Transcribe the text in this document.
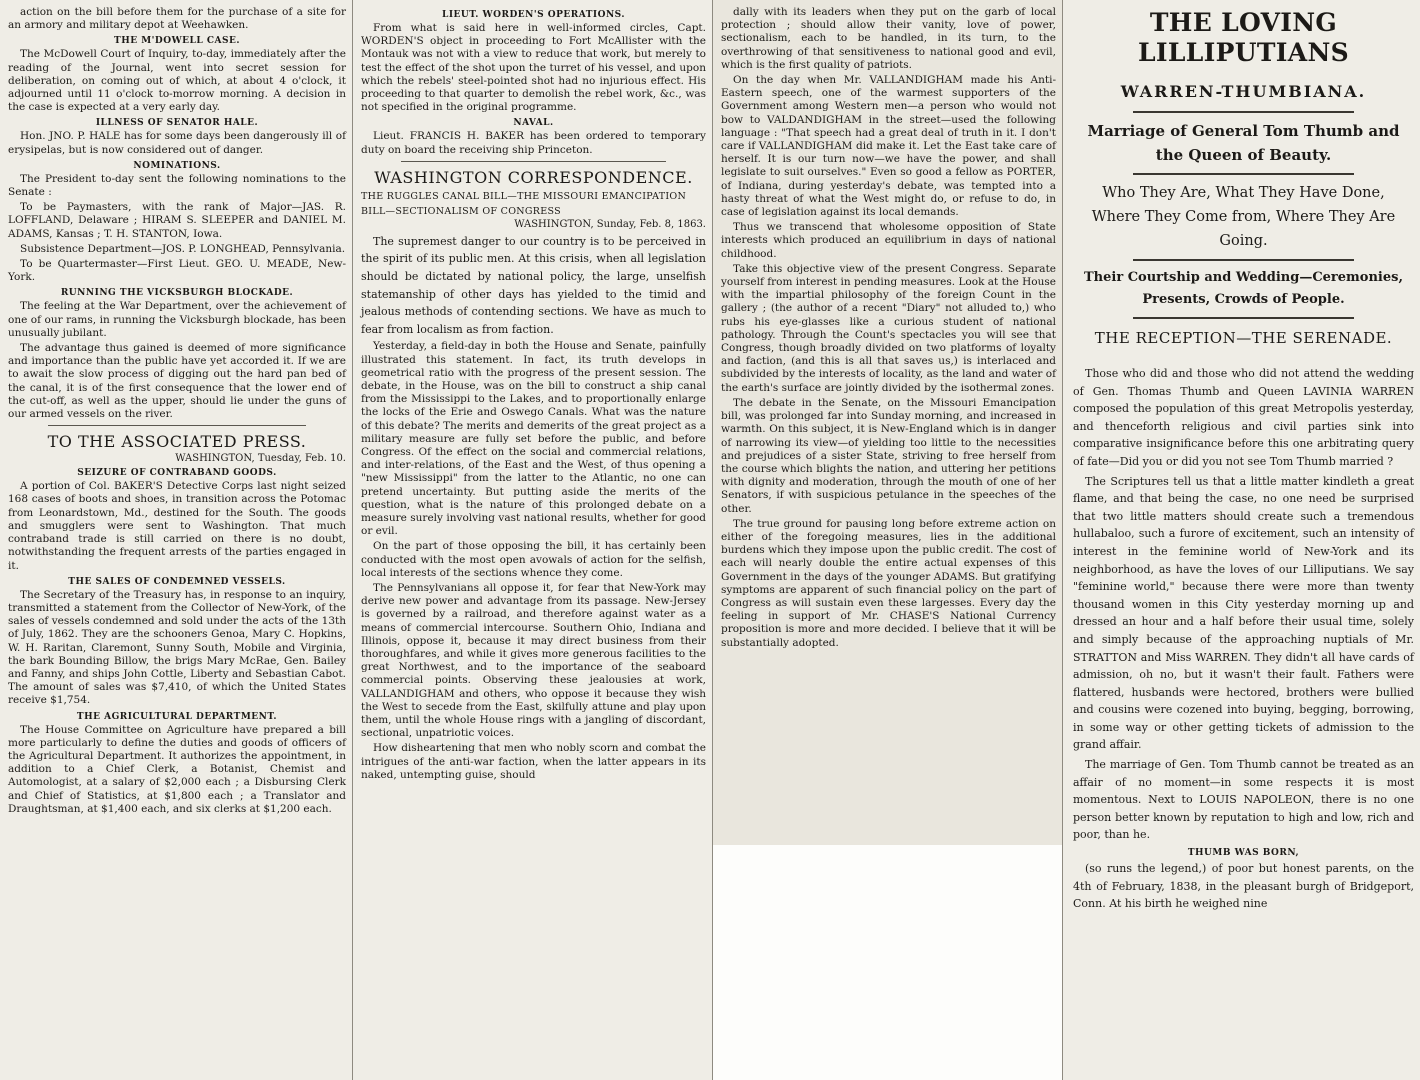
action on the bill before them for the purchase of a site for an armory and military depot at Weehawken.

THE M'DOWELL CASE.

The McDowell Court of Inquiry, to-day, immediately after the reading of the Journal, went into secret session for deliberation, on coming out of which, at about 4 o'clock, it adjourned until 11 o'clock to-morrow morning. A decision in the case is expected at a very early day.

ILLNESS OF SENATOR HALE.

Hon. JNO. P. HALE has for some days been dangerously ill of erysipelas, but is now considered out of danger.

NOMINATIONS.

The President to-day sent the following nominations to the Senate :

To be Paymasters, with the rank of Major—JAS. R. LOFFLAND, Delaware ; HIRAM S. SLEEPER and DANIEL M. ADAMS, Kansas ; T. H. STANTON, Iowa.

Subsistence Department—JOS. P. LONGHEAD, Pennsylvania.

To be Quartermaster—First Lieut. GEO. U. MEADE, New-York.

RUNNING THE VICKSBURGH BLOCKADE.

The feeling at the War Department, over the achievement of one of our rams, in running the Vicksburgh blockade, has been unusually jubilant.

The advantage thus gained is deemed of more significance and importance than the public have yet accorded it. If we are to await the slow process of digging out the hard pan bed of the canal, it is of the first consequence that the lower end of the cut-off, as well as the upper, should lie under the guns of our armed vessels on the river.

TO THE ASSOCIATED PRESS.
WASHINGTON, Tuesday, Feb. 10.
SEIZURE OF CONTRABAND GOODS.

A portion of Col. BAKER'S Detective Corps last night seized 168 cases of boots and shoes, in transition across the Potomac from Leonardstown, Md., destined for the South. The goods and smugglers were sent to Washington. That much contraband trade is still carried on there is no doubt, notwithstanding the frequent arrests of the parties engaged in it.

THE SALES OF CONDEMNED VESSELS.

The Secretary of the Treasury has, in response to an inquiry, transmitted a statement from the Collector of New-York, of the sales of vessels condemned and sold under the acts of the 13th of July, 1862. They are the schooners Genoa, Mary C. Hopkins, W. H. Raritan, Claremont, Sunny South, Mobile and Virginia, the bark Bounding Billow, the brigs Mary McRae, Gen. Bailey and Fanny, and ships John Cottle, Liberty and Sebastian Cabot. The amount of sales was $7,410, of which the United States receive $1,754.

THE AGRICULTURAL DEPARTMENT.

The House Committee on Agriculture have prepared a bill more particularly to define the duties and goods of officers of the Agricultural Department. It authorizes the appointment, in addition to a Chief Clerk, a Botanist, Chemist and Automologist, at a salary of $2,000 each ; a Disbursing Clerk and Chief of Statistics, at $1,800 each ; a Translator and Draughtsman, at $1,400 each, and six clerks at $1,200 each.

LIEUT. WORDEN'S OPERATIONS.

From what is said here in well-informed circles, Capt. WORDEN'S object in proceeding to Fort McAllister with the Montauk was not with a view to reduce that work, but merely to test the effect of the shot upon the turret of his vessel, and upon which the rebels' steel-pointed shot had no injurious effect. His proceeding to that quarter to demolish the rebel work, &c., was not specified in the original programme.

NAVAL.

Lieut. FRANCIS H. BAKER has been ordered to temporary duty on board the receiving ship Princeton.

WASHINGTON CORRESPONDENCE.
THE RUGGLES CANAL BILL—THE MISSOURI EMANCIPATION BILL—SECTIONALISM OF CONGRESS
WASHINGTON, Sunday, Feb. 8, 1863.

The supremest danger to our country is to be perceived in the spirit of its public men. At this crisis, when all legislation should be dictated by national policy, the large, unselfish statemanship of other days has yielded to the timid and jealous methods of contending sections. We have as much to fear from localism as from faction.

Yesterday, a field-day in both the House and Senate, painfully illustrated this statement. In fact, its truth develops in geometrical ratio with the progress of the present session. The debate, in the House, was on the bill to construct a ship canal from the Mississippi to the Lakes, and to proportionally enlarge the locks of the Erie and Oswego Canals. What was the nature of this debate? The merits and demerits of the great project as a military measure are fully set before the public, and before Congress. Of the effect on the social and commercial relations, and inter-relations, of the East and the West, of thus opening a "new Mississippi" from the latter to the Atlantic, no one can pretend uncertainty. But putting aside the merits of the question, what is the nature of this prolonged debate on a measure surely involving vast national results, whether for good or evil.

On the part of those opposing the bill, it has certainly been conducted with the most open avowals of action for the selfish, local interests of the sections whence they come.

The Pennsylvanians all oppose it, for fear that New-York may derive new power and advantage from its passage. New-Jersey is governed by a railroad, and therefore against water as a means of commercial intercourse. Southern Ohio, Indiana and Illinois, oppose it, because it may direct business from their thoroughfares, and while it gives more generous facilities to the great Northwest, and to the importance of the seaboard commercial points. Observing these jealousies at work, VALLANDIGHAM and others, who oppose it because they wish the West to secede from the East, skilfully attune and play upon them, until the whole House rings with a jangling of discordant, sectional, unpatriotic voices.

How disheartening that men who nobly scorn and combat the intrigues of the anti-war faction, when the latter appears in its naked, untempting guise, should

dally with its leaders when they put on the garb of local protection ; should allow their vanity, love of power, sectionalism, each to be handled, in its turn, to the overthrowing of that sensitiveness to national good and evil, which is the first quality of patriots.

On the day when Mr. VALLANDIGHAM made his Anti-Eastern speech, one of the warmest supporters of the Government among Western men—a person who would not bow to VALDANDIGHAM in the street—used the following language : "That speech had a great deal of truth in it. I don't care if VALLANDIGHAM did make it. Let the East take care of herself. It is our turn now—we have the power, and shall legislate to suit ourselves." Even so good a fellow as PORTER, of Indiana, during yesterday's debate, was tempted into a hasty threat of what the West might do, or refuse to do, in case of legislation against its local demands.

Thus we transcend that wholesome opposition of State interests which produced an equilibrium in days of national childhood.

Take this objective view of the present Congress. Separate yourself from interest in pending measures. Look at the House with the impartial philosophy of the foreign Count in the gallery ; (the author of a recent "Diary" not alluded to,) who rubs his eye-glasses like a curious student of national pathology. Through the Count's spectacles you will see that Congress, though broadly divided on two platforms of loyalty and faction, (and this is all that saves us,) is interlaced and subdivided by the interests of locality, as the land and water of the earth's surface are jointly divided by the isothermal zones.

The debate in the Senate, on the Missouri Emancipation bill, was prolonged far into Sunday morning, and increased in warmth. On this subject, it is New-England which is in danger of narrowing its view—of yielding too little to the necessities and prejudices of a sister State, striving to free herself from the course which blights the nation, and uttering her petitions with dignity and moderation, through the mouth of one of her Senators, if with suspicious petulance in the speeches of the other.

The true ground for pausing long before extreme action on either of the foregoing measures, lies in the additional burdens which they impose upon the public credit. The cost of each will nearly double the entire actual expenses of this Government in the days of the younger ADAMS. But gratifying symptoms are apparent of such financial policy on the part of Congress as will sustain even these largesses. Every day the feeling in support of Mr. CHASE'S National Currency proposition is more and more decided. I believe that it will be substantially adopted.

THE LOVING LILLIPUTIANS
WARREN-THUMBIANA.
Marriage of General Tom Thumb and the Queen of Beauty.
Who They Are, What They Have Done, Where They Come from, Where They Are Going.
Their Courtship and Wedding—Ceremonies, Presents, Crowds of People.
THE RECEPTION—THE SERENADE.

Those who did and those who did not attend the wedding of Gen. Thomas Thumb and Queen LAVINIA WARREN composed the population of this great Metropolis yesterday, and thenceforth religious and civil parties sink into comparative insignificance before this one arbitrating query of fate—Did you or did you not see Tom Thumb married ?

The Scriptures tell us that a little matter kindleth a great flame, and that being the case, no one need be surprised that two little matters should create such a tremendous hullabaloo, such a furore of excitement, such an intensity of interest in the feminine world of New-York and its neighborhood, as have the loves of our Lilliputians. We say "feminine world," because there were more than twenty thousand women in this City yesterday morning up and dressed an hour and a half before their usual time, solely and simply because of the approaching nuptials of Mr. STRATTON and Miss WARREN. They didn't all have cards of admission, oh no, but it wasn't their fault. Fathers were flattered, husbands were hectored, brothers were bullied and cousins were cozened into buying, begging, borrowing, in some way or other getting tickets of admission to the grand affair.

The marriage of Gen. Tom Thumb cannot be treated as an affair of no moment—in some respects it is most momentous. Next to LOUIS NAPOLEON, there is no one person better known by reputation to high and low, rich and poor, than he.

THUMB WAS BORN,

(so runs the legend,) of poor but honest parents, on the 4th of February, 1838, in the pleasant burgh of Bridgeport, Conn. At his birth he weighed nine
